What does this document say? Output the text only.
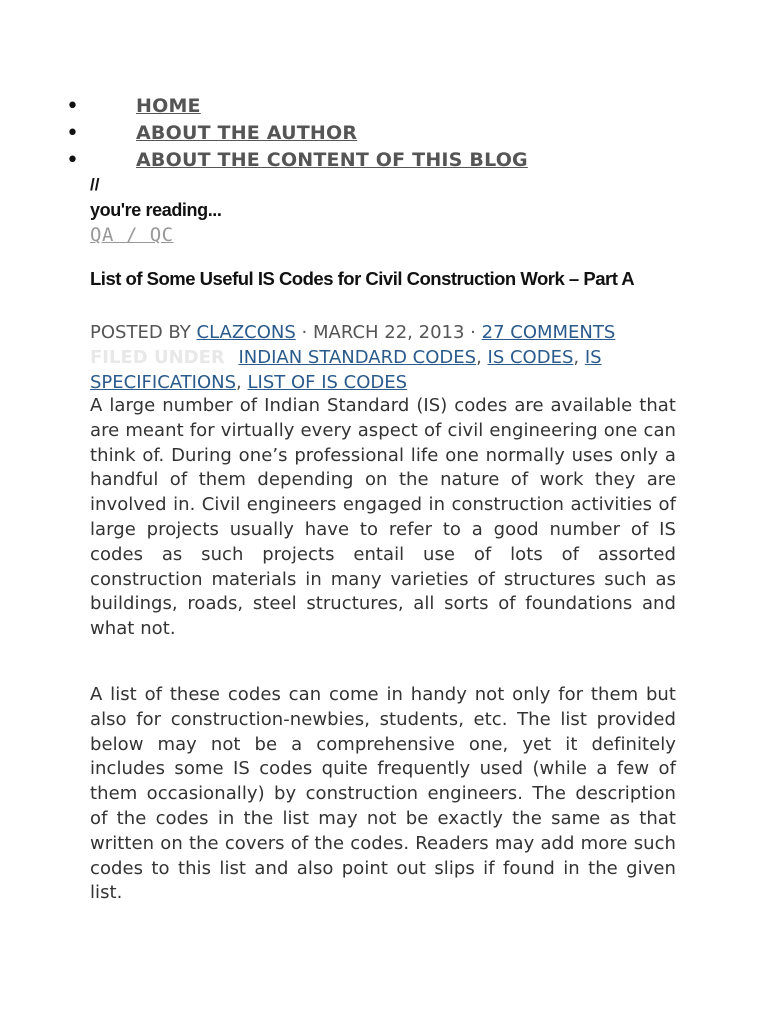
•	HOME
•	ABOUT THE AUTHOR
•	ABOUT THE CONTENT OF THIS BLOG
//
you're reading...
QA / QC
List of Some Useful IS Codes for Civil Construction Work – Part A
POSTED BY CLAZCONS · MARCH 22, 2013 · 27 COMMENTS
FILED UNDER INDIAN STANDARD CODES, IS CODES, IS SPECIFICATIONS, LIST OF IS CODES

A large number of Indian Standard (IS) codes are available that are meant for virtually every aspect of civil engineering one can think of. During one’s professional life one normally uses only a handful of them depending on the nature of work they are involved in. Civil engineers engaged in construction activities of large projects usually have to refer to a good number of IS codes as such projects entail use of lots of assorted construction materials in many varieties of structures such as buildings, roads, steel structures, all sorts of foundations and what not.

A list of these codes can come in handy not only for them but also for construction-newbies, students, etc. The list provided below may not be a comprehensive one, yet it definitely includes some IS codes quite frequently used (while a few of them occasionally) by construction engineers. The description of the codes in the list may not be exactly the same as that written on the covers of the codes. Readers may add more such codes to this list and also point out slips if found in the given list.
